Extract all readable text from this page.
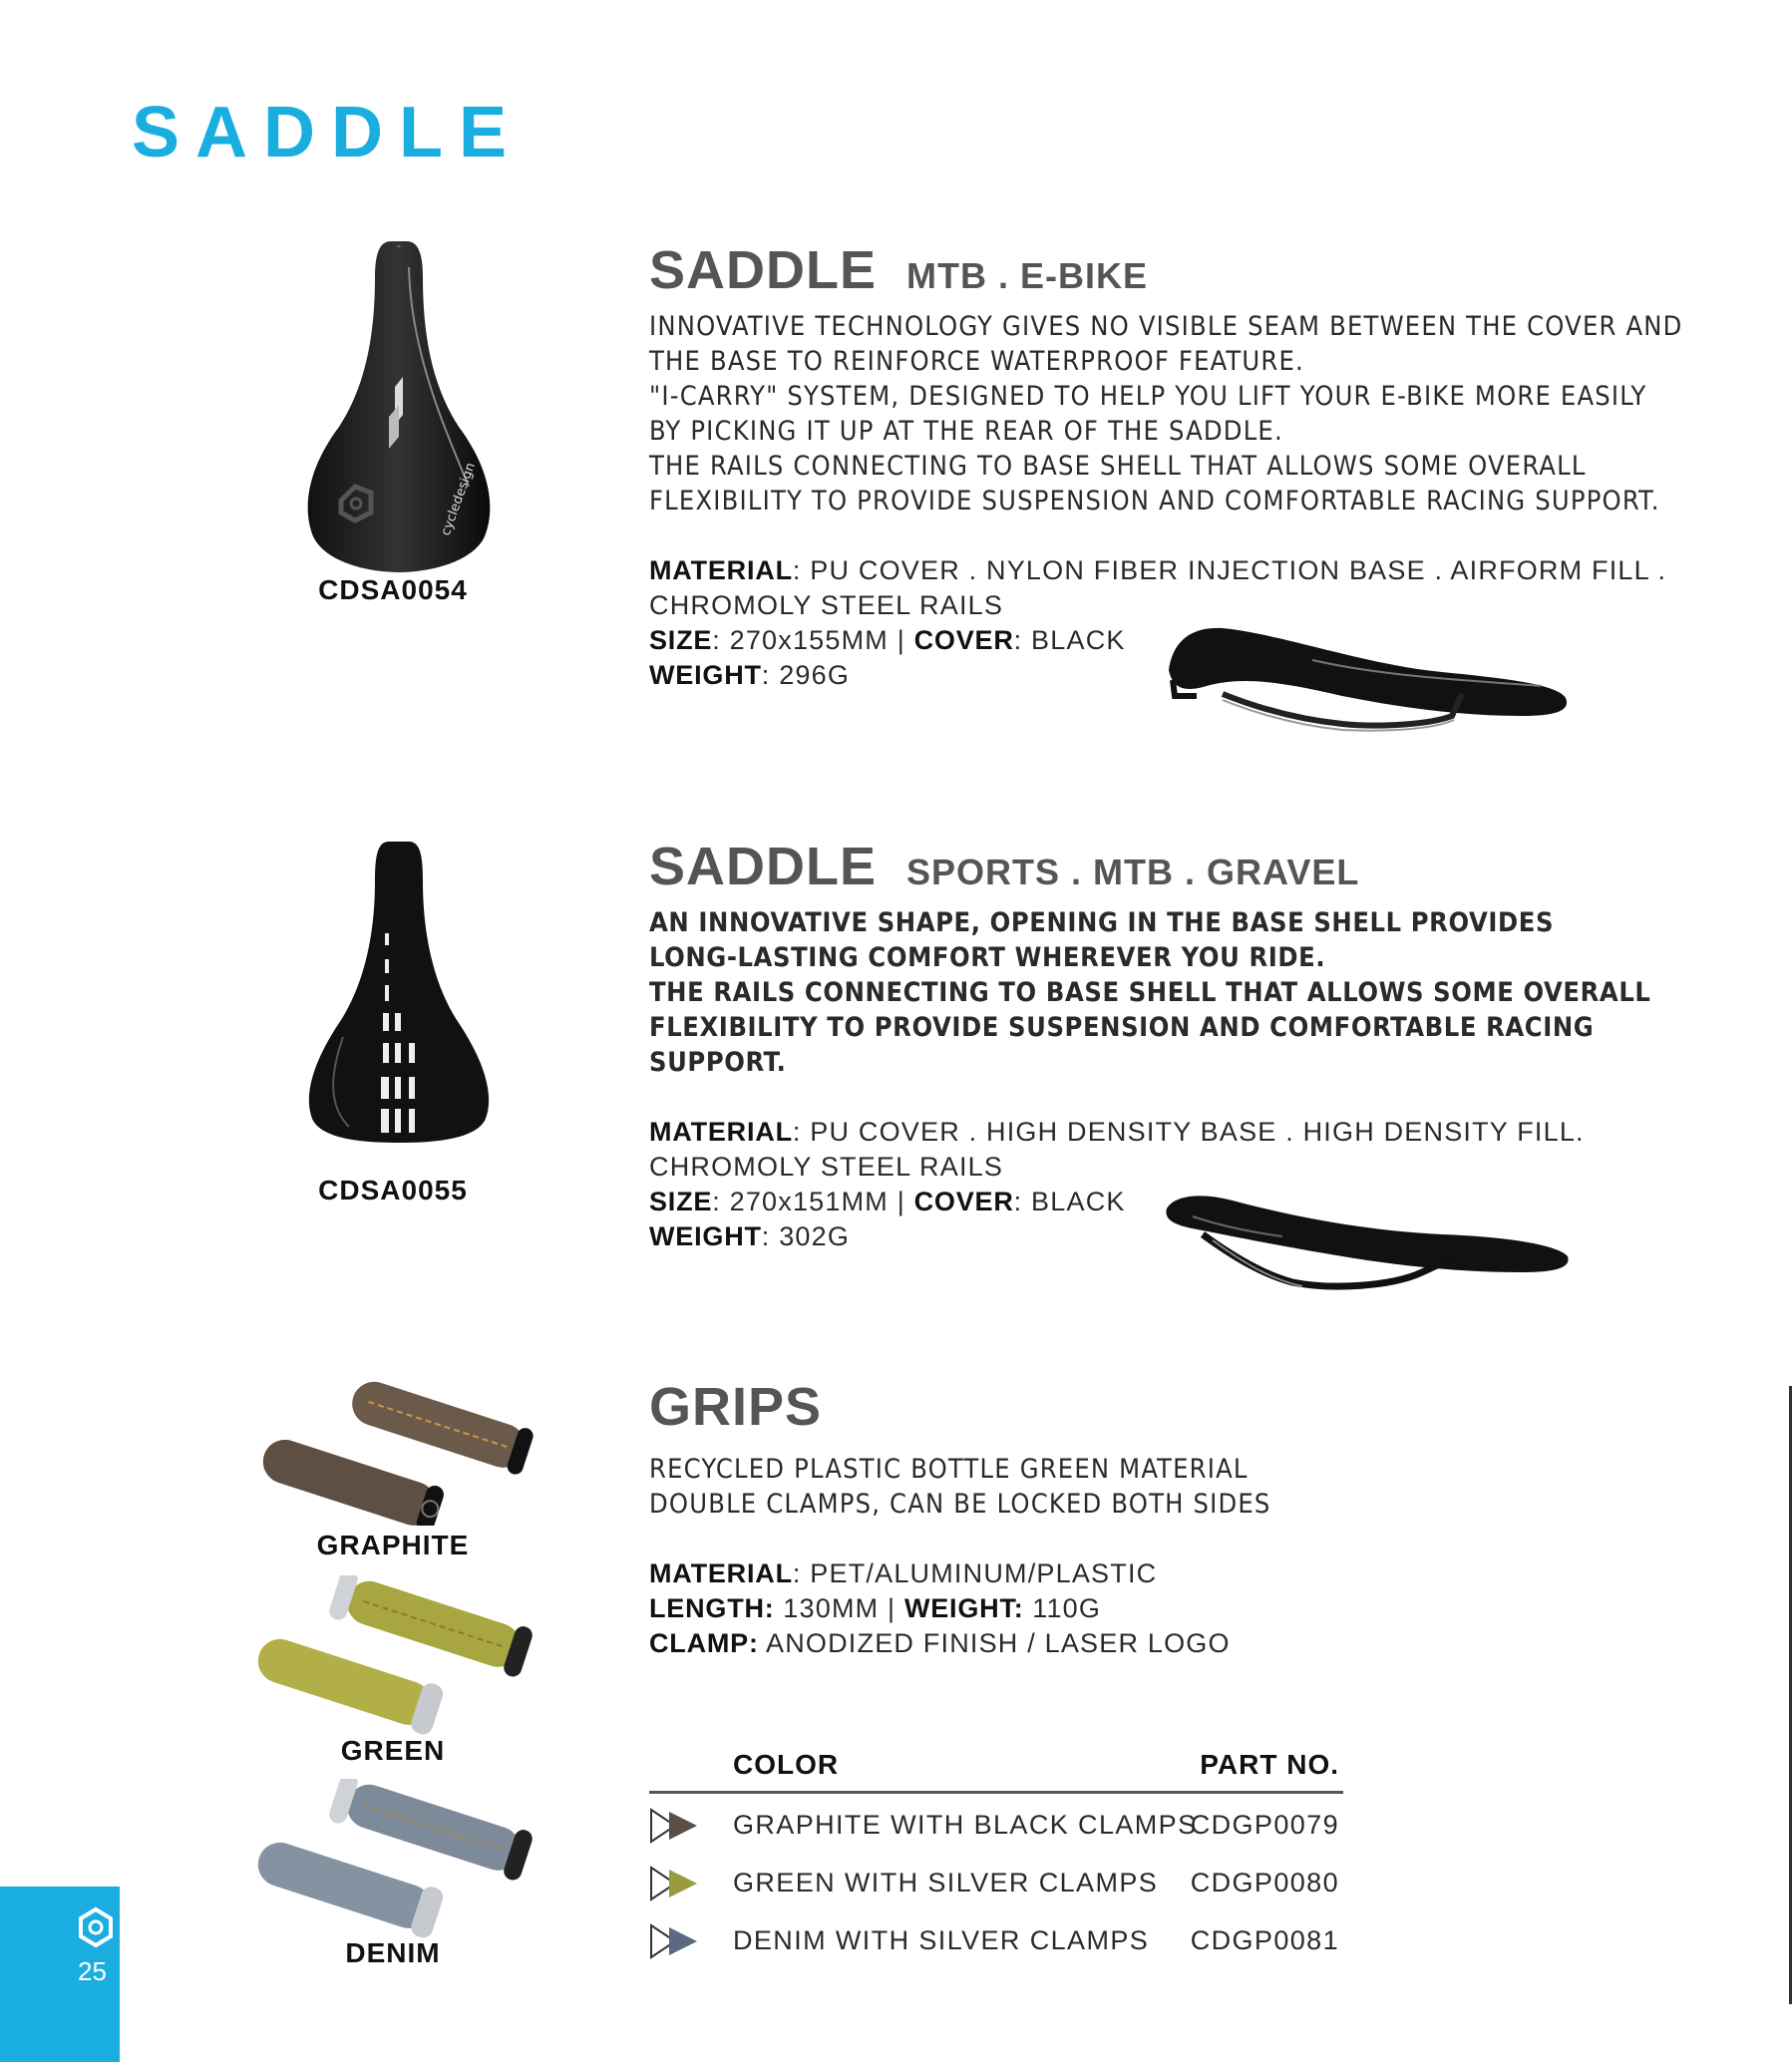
SADDLE
cycledesign
CDSA0054
SADDLE MTB . E-BIKE

INNOVATIVE TECHNOLOGY GIVES NO VISIBLE SEAM BETWEEN THE COVER AND

THE BASE TO REINFORCE WATERPROOF FEATURE.

"I-CARRY" SYSTEM, DESIGNED TO HELP YOU LIFT YOUR E-BIKE MORE EASILY

BY PICKING IT UP AT THE REAR OF THE SADDLE.

THE RAILS CONNECTING TO BASE SHELL THAT ALLOWS SOME OVERALL

FLEXIBILITY TO PROVIDE SUSPENSION AND COMFORTABLE RACING SUPPORT.

MATERIAL: PU COVER . NYLON FIBER INJECTION BASE . AIRFORM FILL .

CHROMOLY STEEL RAILS

SIZE: 270x155MM | COVER: BLACK

WEIGHT: 296G

CDSA0055
SADDLE SPORTS . MTB . GRAVEL

AN INNOVATIVE SHAPE, OPENING IN THE BASE SHELL PROVIDES

LONG-LASTING COMFORT WHEREVER YOU RIDE.

THE RAILS CONNECTING TO BASE SHELL THAT ALLOWS SOME OVERALL

FLEXIBILITY TO PROVIDE SUSPENSION AND COMFORTABLE RACING

SUPPORT.

MATERIAL: PU COVER . HIGH DENSITY BASE . HIGH DENSITY FILL.

CHROMOLY STEEL RAILS

SIZE: 270x151MM | COVER: BLACK

WEIGHT: 302G

GRAPHITE
GREEN
DENIM
GRIPS

RECYCLED PLASTIC BOTTLE GREEN MATERIAL

DOUBLE CLAMPS, CAN BE LOCKED BOTH SIDES

MATERIAL: PET/ALUMINUM/PLASTIC

LENGTH: 130MM | WEIGHT: 110G

CLAMP: ANODIZED FINISH / LASER LOGO

COLOR	PART NO.
GRAPHITE WITH BLACK CLAMPS
CDGP0079
GREEN WITH SILVER CLAMPS CDGP0080
DENIM WITH SILVER CLAMPS CDGP0081
25
